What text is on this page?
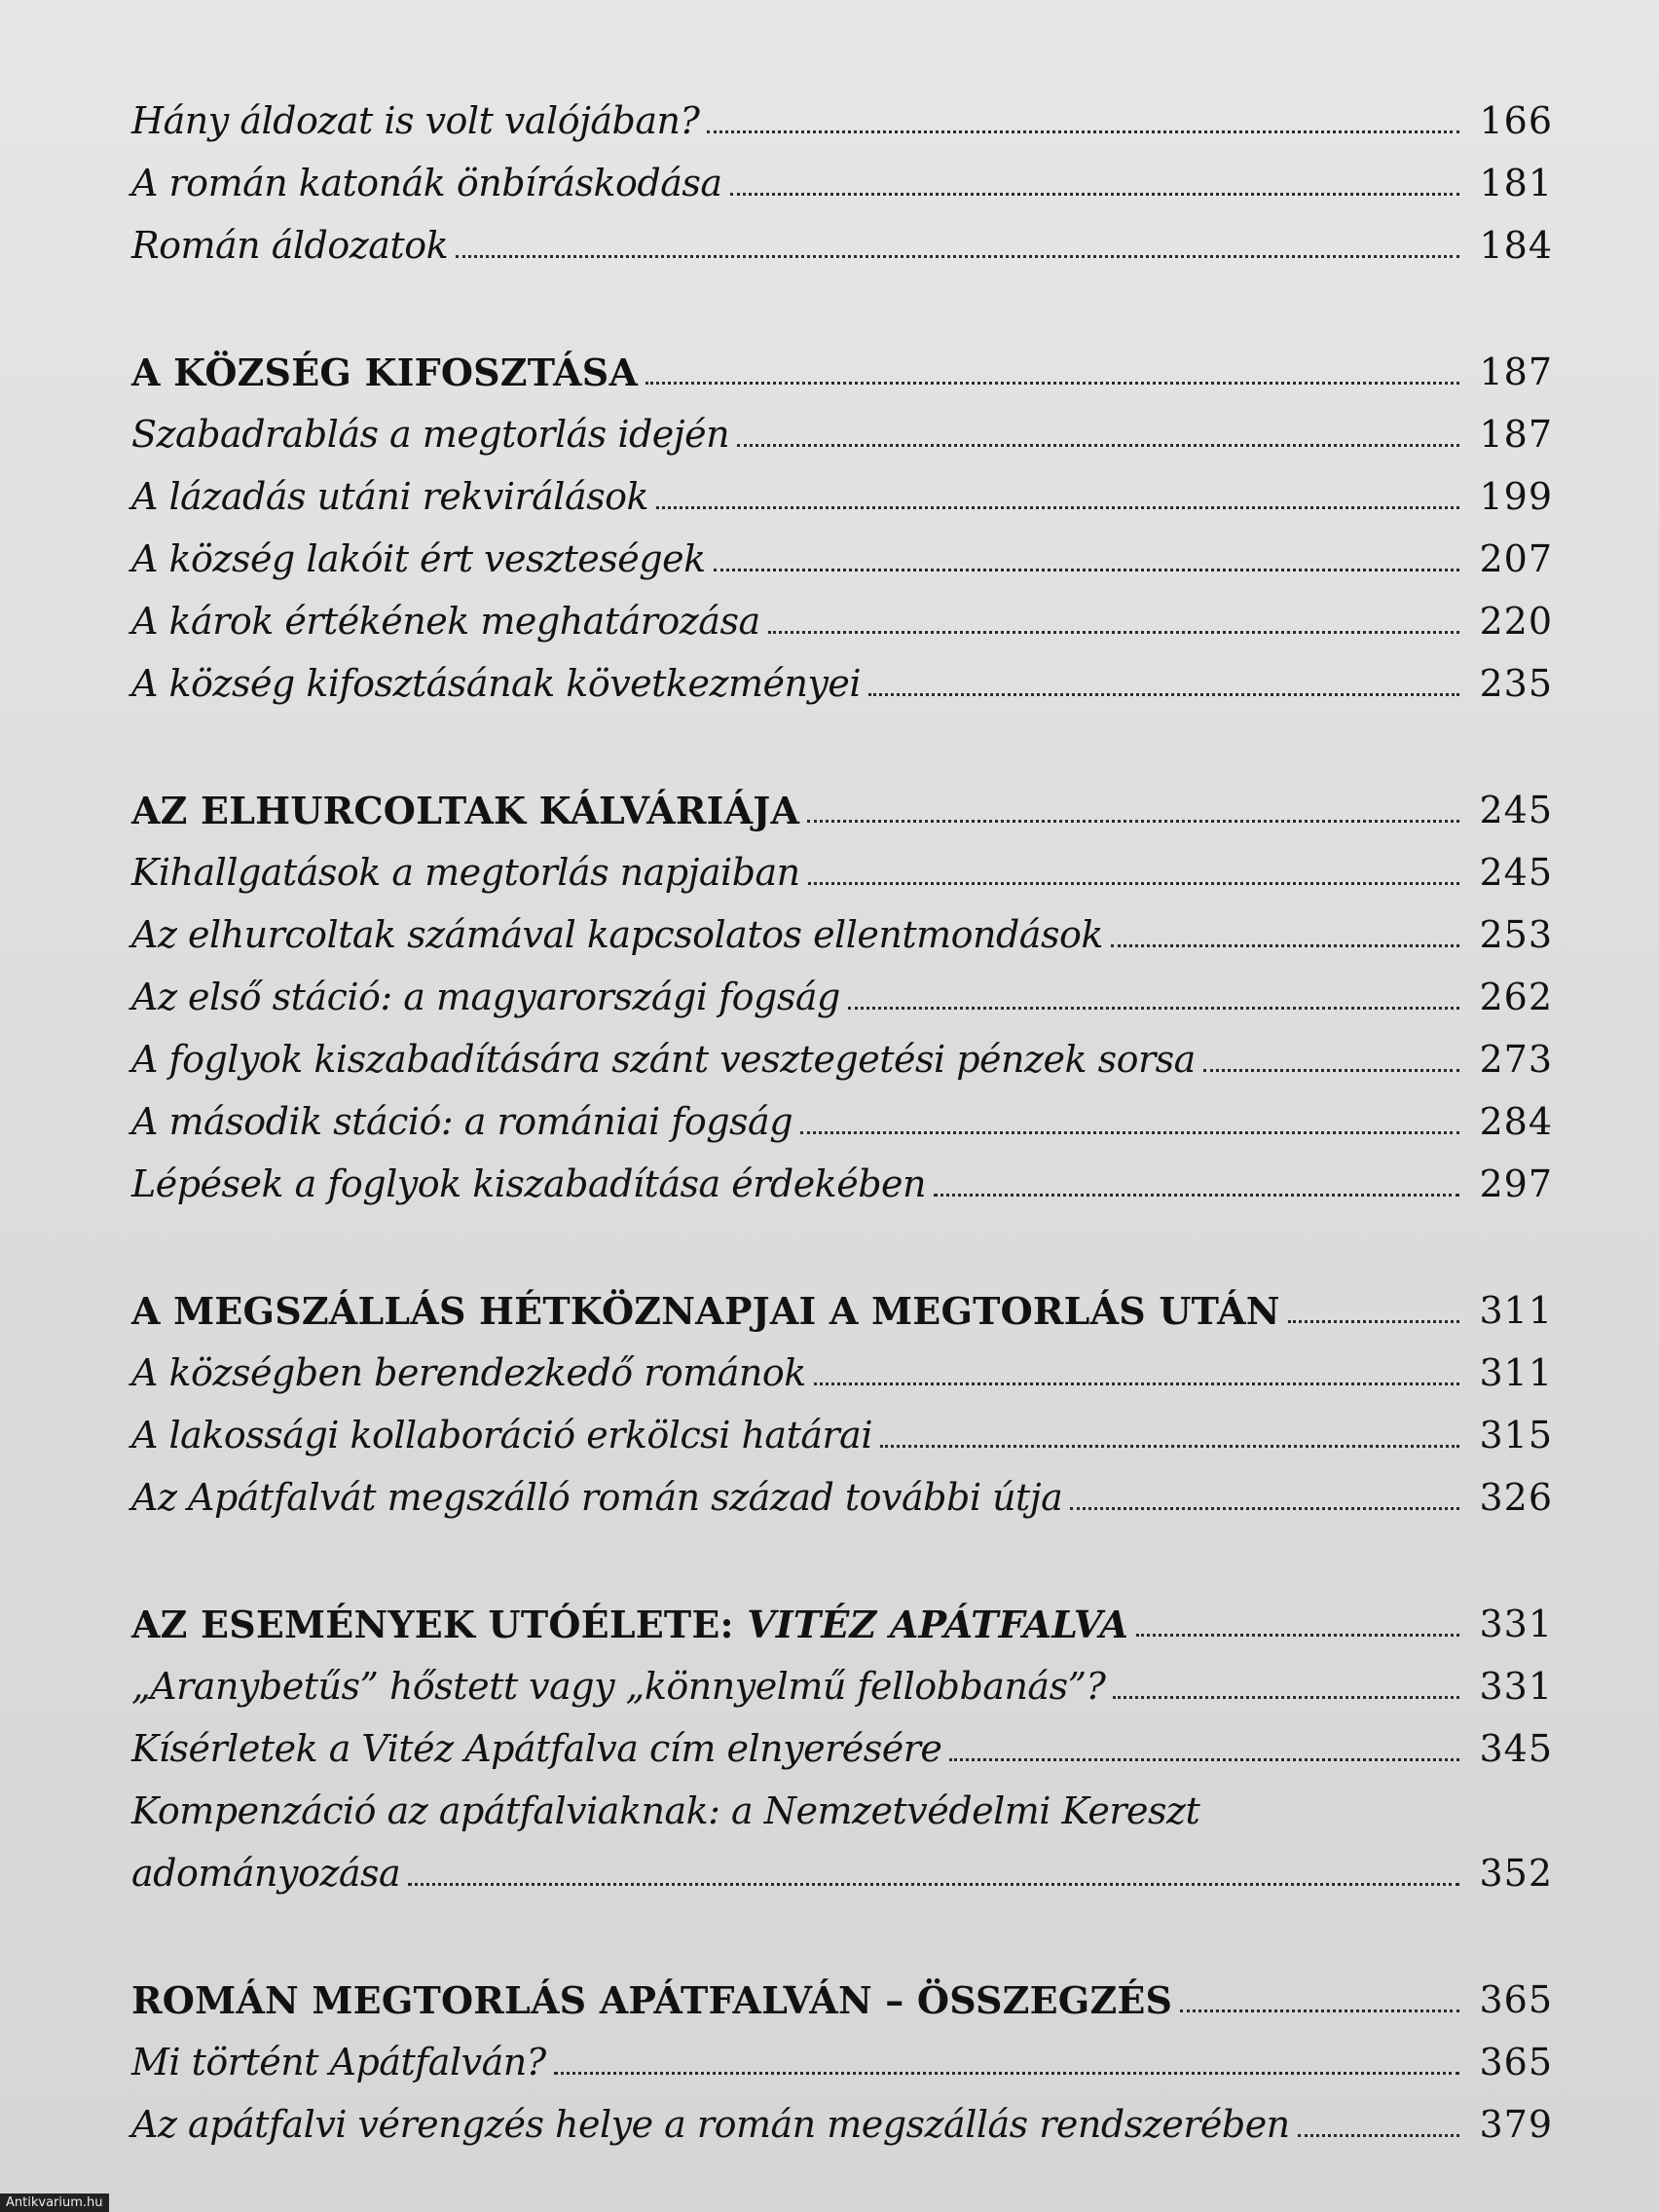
Hány áldozat is volt valójában?	166
A román katonák önbíráskodása	181
Román áldozatok	184
A KÖZSÉG KIFOSZTÁSA	187
Szabadrablás a megtorlás idején	187
A lázadás utáni rekvirálások	199
A község lakóit ért veszteségek	207
A károk értékének meghatározása	220
A község kifosztásának következményei	235
AZ ELHURCOLTAK KÁLVÁRIÁJA	245
Kihallgatások a megtorlás napjaiban	245
Az elhurcoltak számával kapcsolatos ellentmondások	253
Az első stáció: a magyarországi fogság	262
A foglyok kiszabadítására szánt vesztegetési pénzek sorsa	273
A második stáció: a romániai fogság	284
Lépések a foglyok kiszabadítása érdekében	297
A MEGSZÁLLÁS HÉTKÖZNAPJAI A MEGTORLÁS UTÁN	311
A községben berendezkedő románok	311
A lakossági kollaboráció erkölcsi határai	315
Az Apátfalvát megszálló román század további útja	326
AZ ESEMÉNYEK UTÓÉLETE: VITÉZ APÁTFALVA	331
„Aranybetűs” hőstett vagy „könnyelmű fellobbanás”?	331
Kísérletek a Vitéz Apátfalva cím elnyerésére	345
Kompenzáció az apátfalviaknak: a Nemzetvédelmi Kereszt
adományozása	352
ROMÁN MEGTORLÁS APÁTFALVÁN – ÖSSZEGZÉS	365
Mi történt Apátfalván?	365
Az apátfalvi vérengzés helye a román megszállás rendszerében	379
Antikvarium.hu
